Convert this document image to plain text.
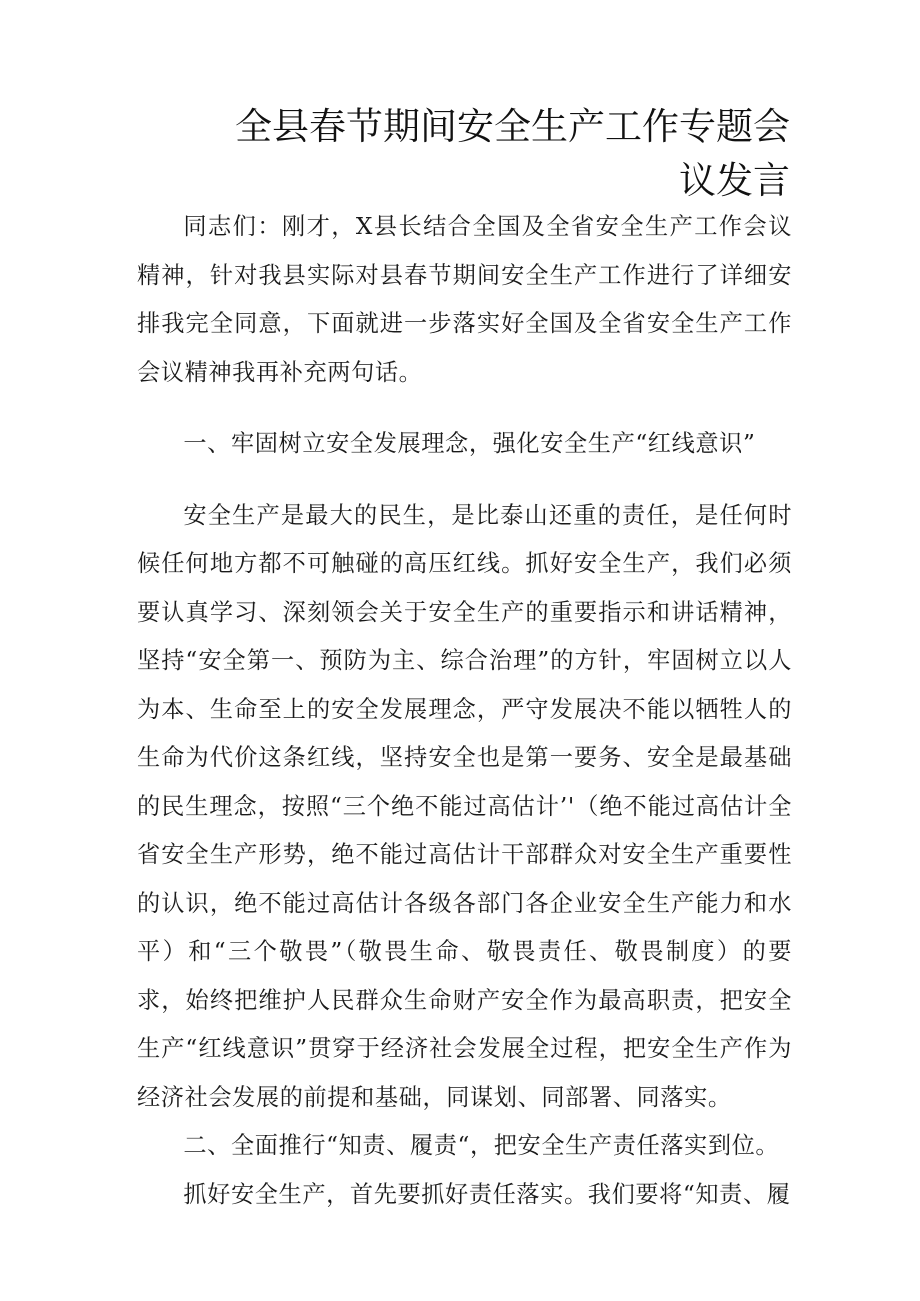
全县春节期间安全生产工作专题会议发言

同志们：刚才，X县长结合全国及全省安全生产工作会议精神，针对我县实际对县春节期间安全生产工作进行了详细安排我完全同意，下面就进一步落实好全国及全省安全生产工作会议精神我再补充两句话。

一、牢固树立安全发展理念，强化安全生产“红线意识”

安全生产是最大的民生，是比泰山还重的责任，是任何时候任何地方都不可触碰的高压红线。抓好安全生产，我们必须要认真学习、深刻领会关于安全生产的重要指示和讲话精神，坚持“安全第一、预防为主、综合治理”的方针，牢固树立以人为本、生命至上的安全发展理念，严守发展决不能以牺牲人的生命为代价这条红线，坚持安全也是第一要务、安全是最基础的民生理念，按照“三个绝不能过高估计’'（绝不能过高估计全省安全生产形势，绝不能过高估计干部群众对安全生产重要性的认识，绝不能过高估计各级各部门各企业安全生产能力和水平）和“三个敬畏”（敬畏生命、敬畏责任、敬畏制度）的要求，始终把维护人民群众生命财产安全作为最高职责，把安全生产“红线意识”贯穿于经济社会发展全过程，把安全生产作为经济社会发展的前提和基础，同谋划、同部署、同落实。

二、全面推行“知责、履责“，把安全生产责任落实到位。

抓好安全生产，首先要抓好责任落实。我们要将“知责、履
